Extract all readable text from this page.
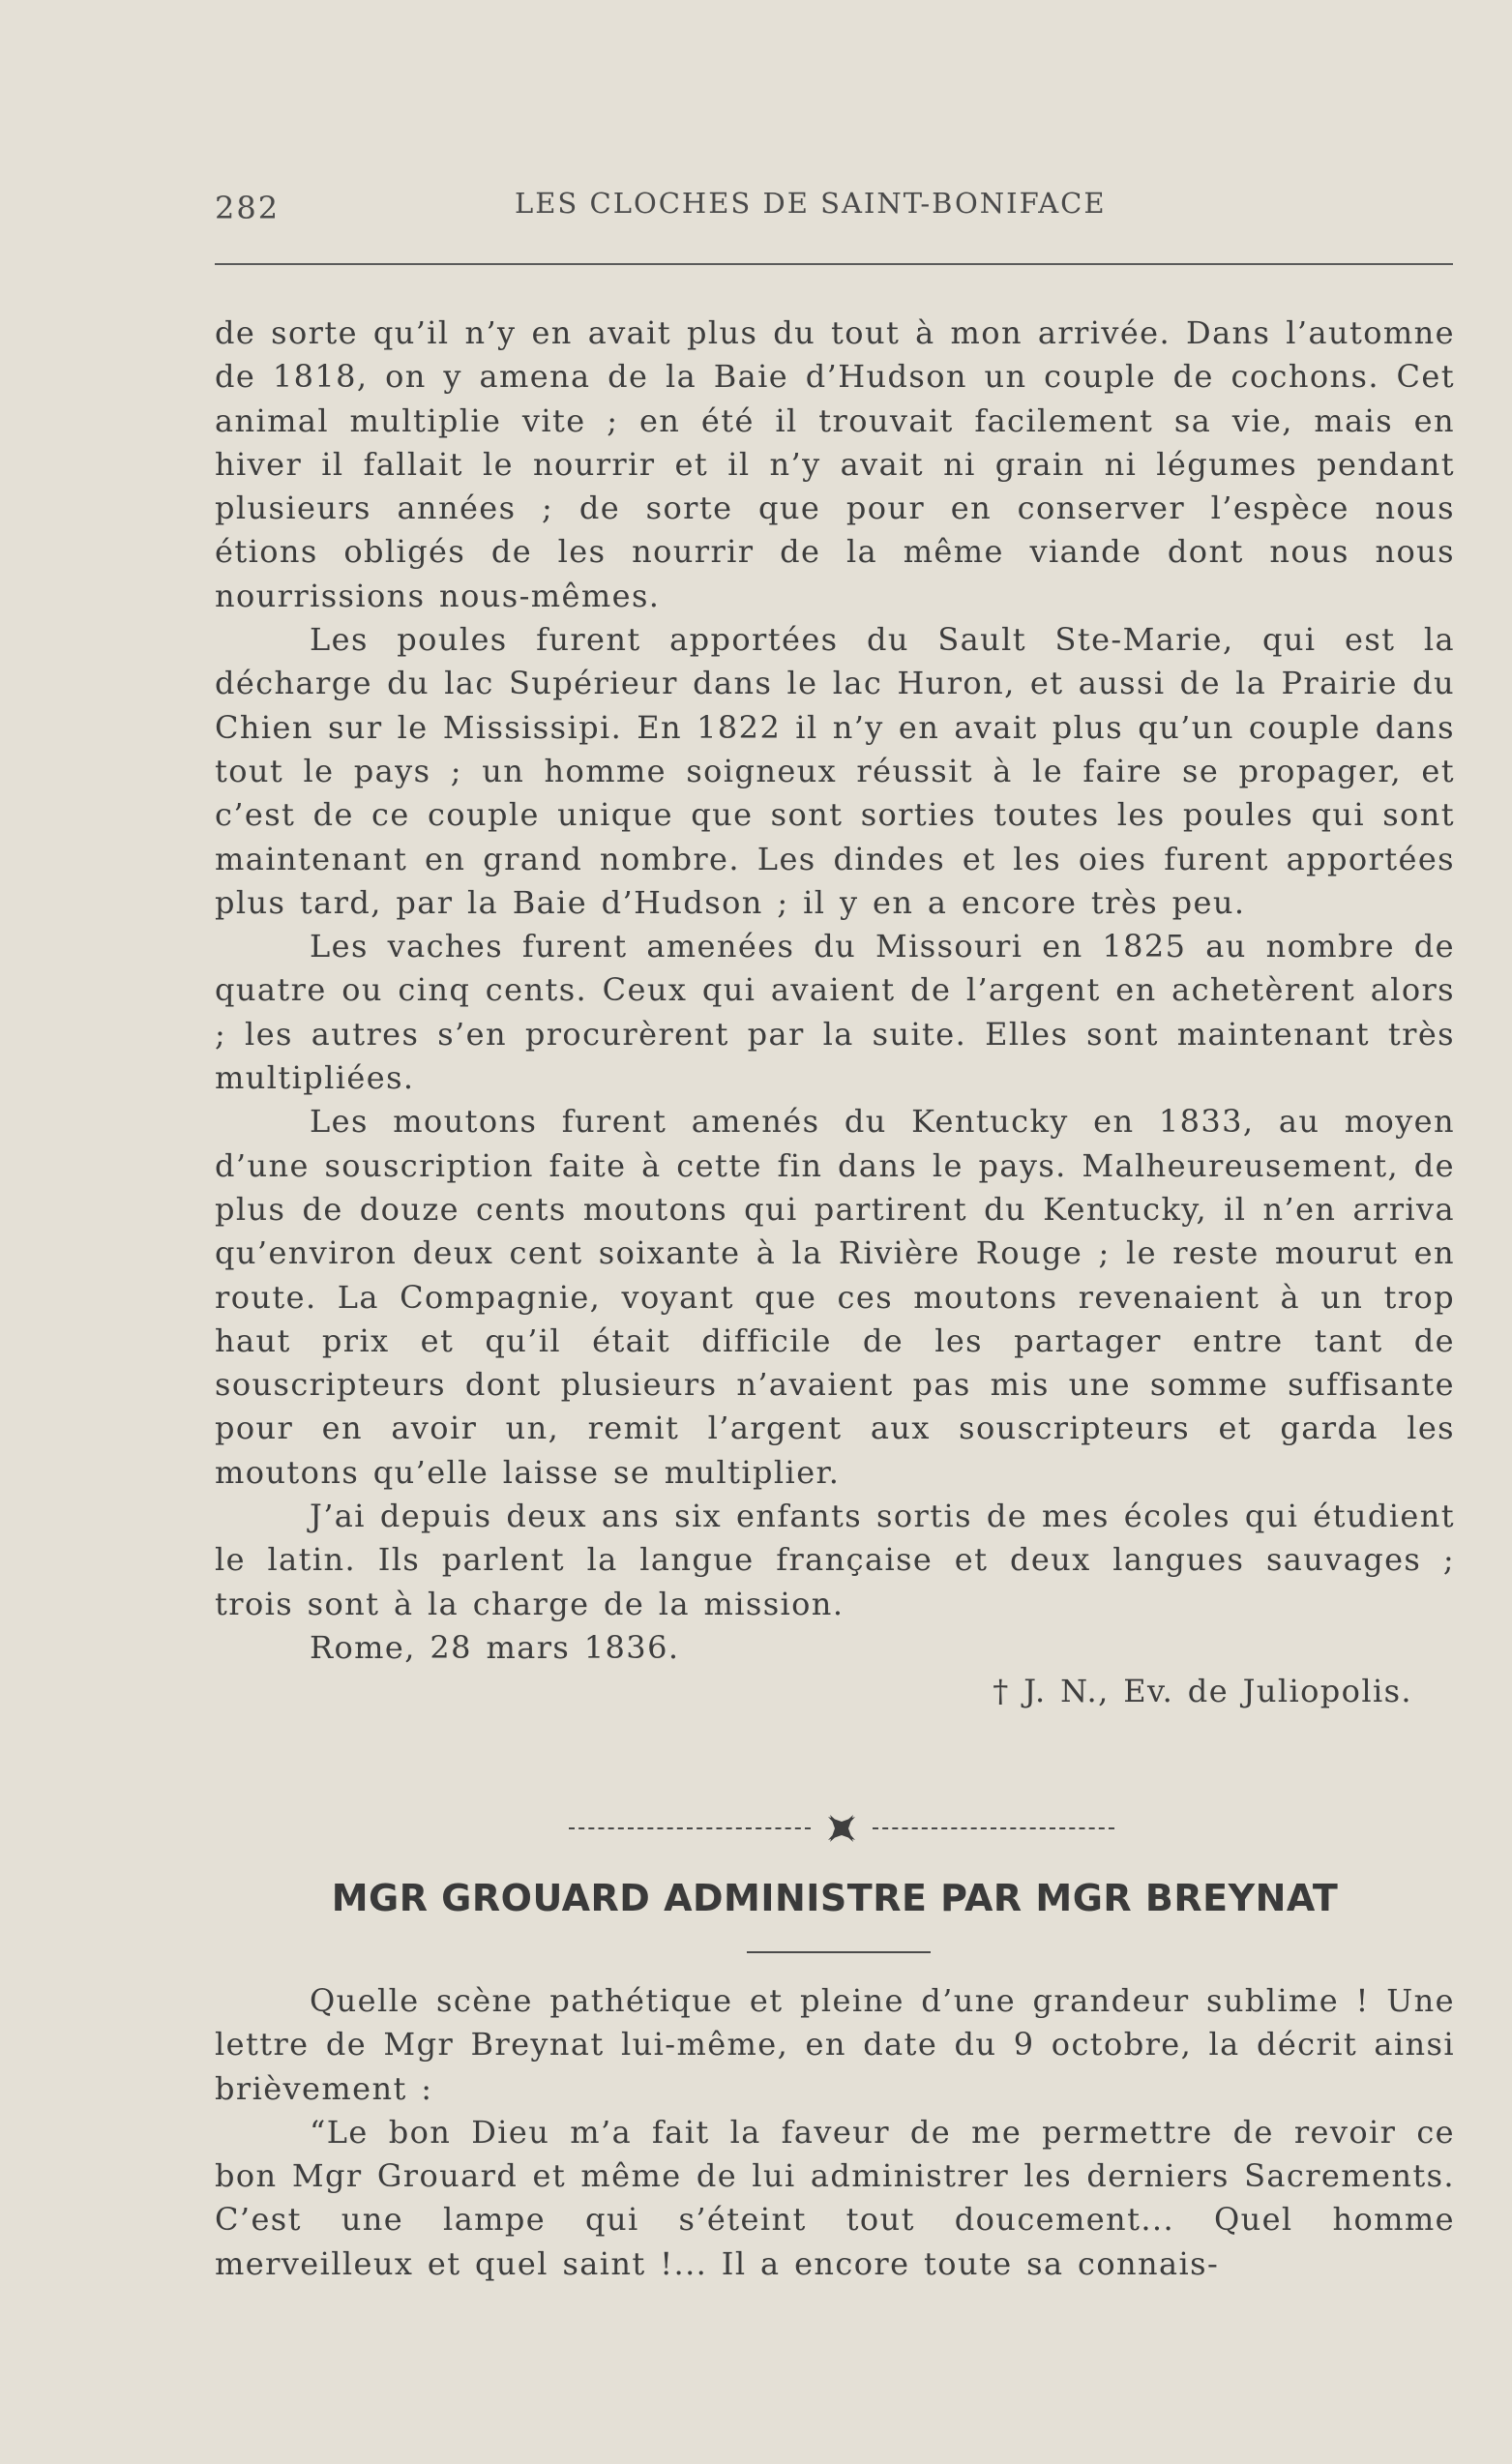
282	LES CLOCHES DE SAINT-BONIFACE

de sorte qu’il n’y en avait plus du tout à mon arrivée. Dans l’automne de 1818, on y amena de la Baie d’Hudson un couple de cochons. Cet animal multiplie vite ; en été il trouvait facilement sa vie, mais en hiver il fallait le nourrir et il n’y avait ni grain ni légumes pendant plusieurs années ; de sorte que pour en conserver l’espèce nous étions obligés de les nourrir de la même viande dont nous nous nourrissions nous-mêmes.

Les poules furent apportées du Sault Ste-Marie, qui est la décharge du lac Supérieur dans le lac Huron, et aussi de la Prairie du Chien sur le Mississipi. En 1822 il n’y en avait plus qu’un couple dans tout le pays ; un homme soigneux réussit à le faire se propager, et c’est de ce couple unique que sont sorties toutes les poules qui sont maintenant en grand nombre. Les dindes et les oies furent apportées plus tard, par la Baie d’Hudson ; il y en a encore très peu.

Les vaches furent amenées du Missouri en 1825 au nombre de quatre ou cinq cents. Ceux qui avaient de l’argent en achetèrent alors ; les autres s’en procurèrent par la suite. Elles sont maintenant très multipliées.

Les moutons furent amenés du Kentucky en 1833, au moyen d’une souscription faite à cette fin dans le pays. Malheureusement, de plus de douze cents moutons qui partirent du Kentucky, il n’en arriva qu’environ deux cent soixante à la Rivière Rouge ; le reste mourut en route. La Compagnie, voyant que ces moutons revenaient à un trop haut prix et qu’il était difficile de les partager entre tant de souscripteurs dont plusieurs n’avaient pas mis une somme suffisante pour en avoir un, remit l’argent aux souscripteurs et garda les moutons qu’elle laisse se multiplier.

J’ai depuis deux ans six enfants sortis de mes écoles qui étudient le latin. Ils parlent la langue française et deux langues sauvages ; trois sont à la charge de la mission.

Rome, 28 mars 1836.

† J. N., Ev. de Juliopolis.

MGR GROUARD ADMINISTRE PAR MGR BREYNAT

Quelle scène pathétique et pleine d’une grandeur sublime ! Une lettre de Mgr Breynat lui-même, en date du 9 octobre, la décrit ainsi brièvement :

“Le bon Dieu m’a fait la faveur de me permettre de revoir ce bon Mgr Grouard et même de lui administrer les derniers Sacrements. C’est une lampe qui s’éteint tout doucement... Quel homme merveilleux et quel saint !... Il a encore toute sa connais-
